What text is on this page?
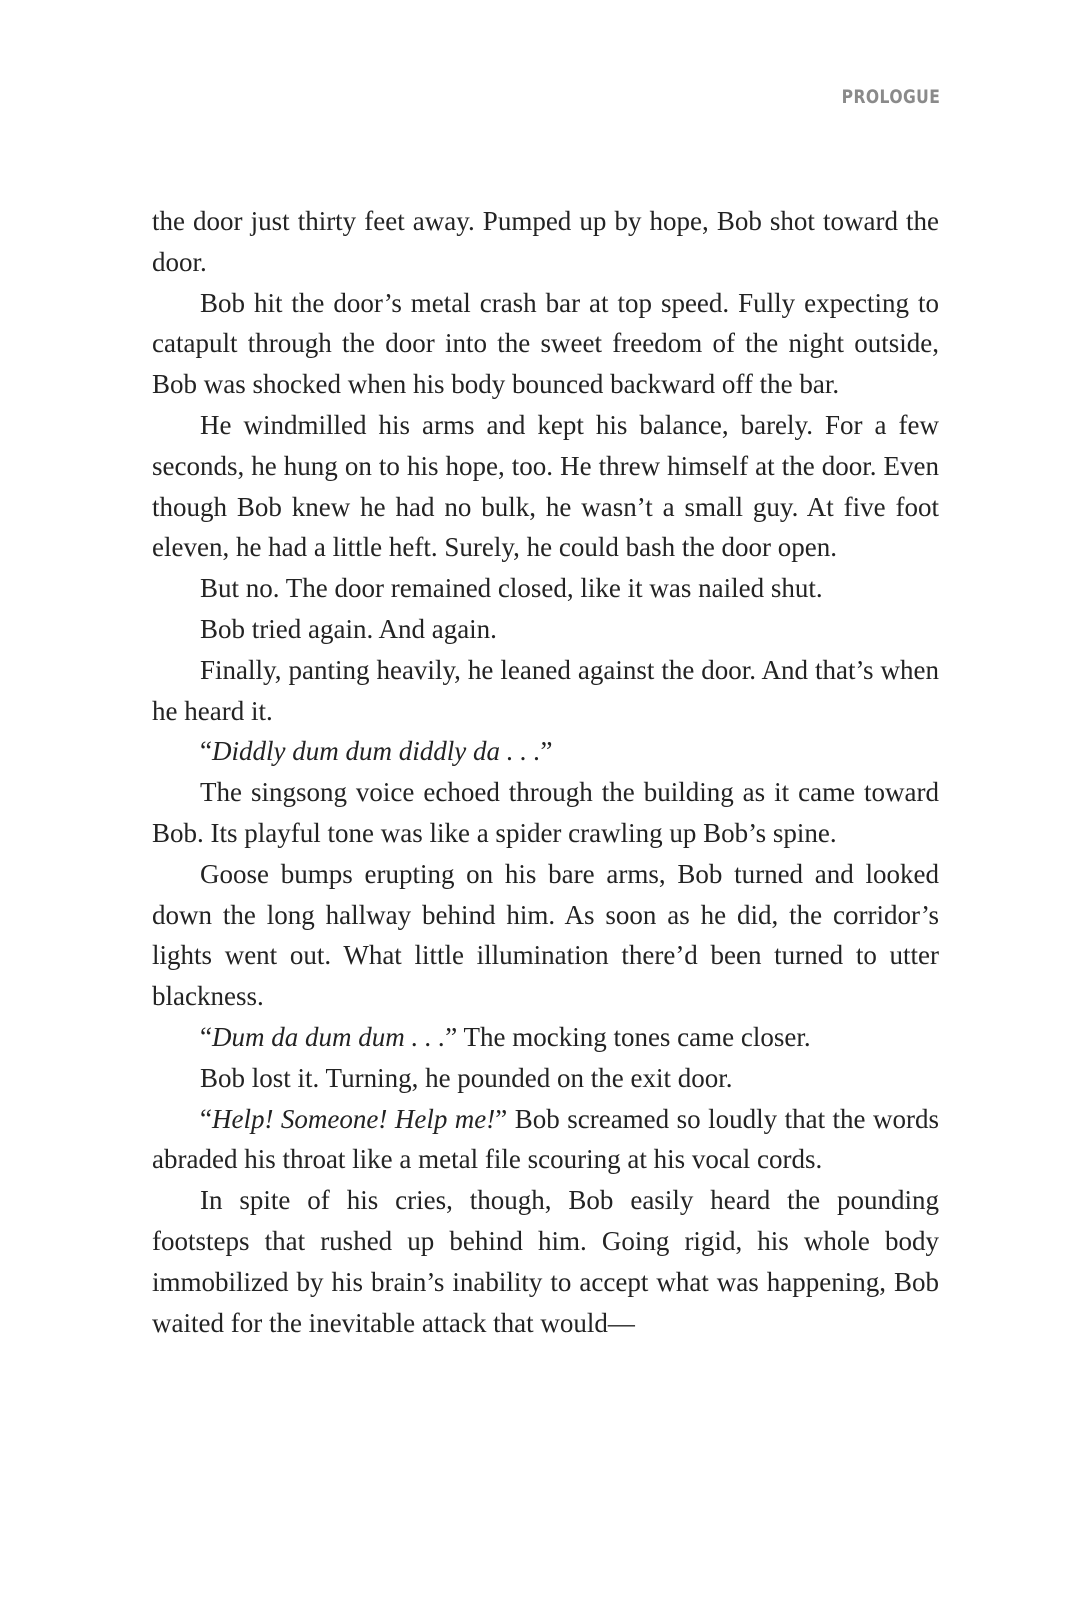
PROLOGUE

the door just thirty feet away. Pumped up by hope, Bob shot toward the door.

Bob hit the door’s metal crash bar at top speed. Fully expecting to catapult through the door into the sweet freedom of the night outside, Bob was shocked when his body bounced backward off the bar.

He windmilled his arms and kept his balance, barely. For a few seconds, he hung on to his hope, too. He threw himself at the door. Even though Bob knew he had no bulk, he wasn’t a small guy. At five foot eleven, he had a little heft. Surely, he could bash the door open.

But no. The door remained closed, like it was nailed shut.

Bob tried again. And again.

Finally, panting heavily, he leaned against the door. And that’s when he heard it.

“Diddly dum dum diddly da . . .”

The singsong voice echoed through the building as it came toward Bob. Its playful tone was like a spider crawling up Bob’s spine.

Goose bumps erupting on his bare arms, Bob turned and looked down the long hallway behind him. As soon as he did, the corridor’s lights went out. What little illumination there’d been turned to utter blackness.

“Dum da dum dum . . .” The mocking tones came closer.

Bob lost it. Turning, he pounded on the exit door.

“Help! Someone! Help me!” Bob screamed so loudly that the words abraded his throat like a metal file scouring at his vocal cords.

In spite of his cries, though, Bob easily heard the pounding footsteps that rushed up behind him. Going rigid, his whole body immobilized by his brain’s inability to accept what was happening, Bob waited for the inevitable attack that would—
